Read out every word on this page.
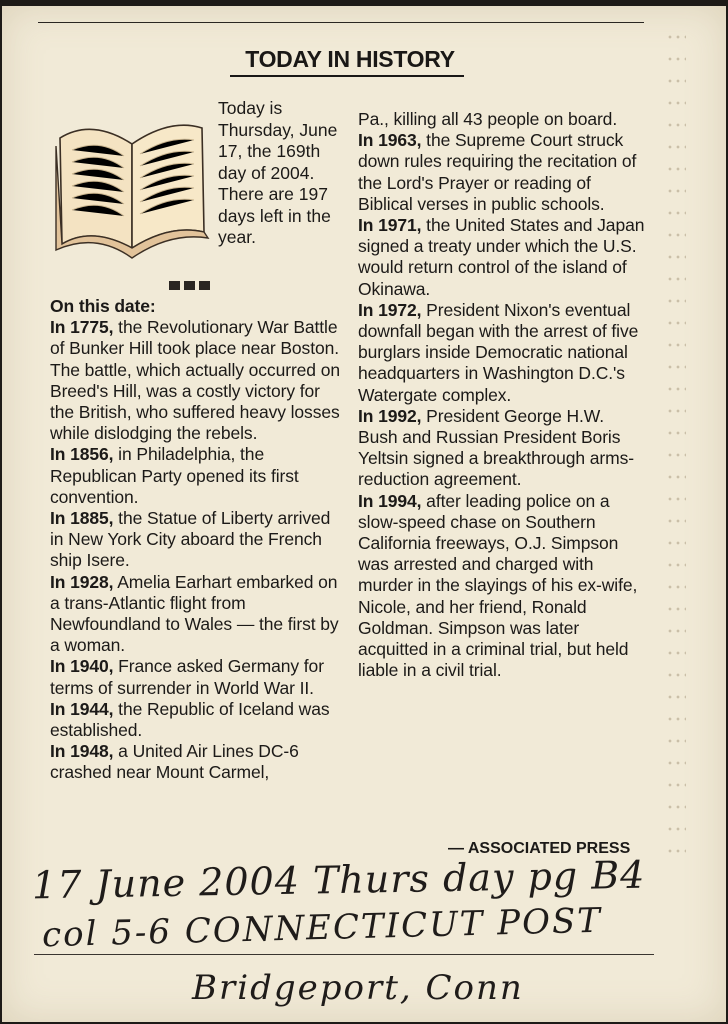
TODAY IN HISTORY
Today is Thursday, June 17, the 169th day of 2004. There are 197 days left in the year.

On this date:

In 1775, the Revolutionary War Battle of Bunker Hill took place near Boston. The battle, which actually occurred on Breed's Hill, was a costly victory for the British, who suffered heavy losses while dislodging the rebels.

In 1856, in Philadelphia, the Republican Party opened its first convention.

In 1885, the Statue of Liberty arrived in New York City aboard the French ship Isere.

In 1928, Amelia Earhart embarked on a trans-Atlantic flight from Newfoundland to Wales — the first by a woman.

In 1940, France asked Germany for terms of surrender in World War II.

In 1944, the Republic of Iceland was established.

In 1948, a United Air Lines DC-6 crashed near Mount Carmel,

Pa., killing all 43 people on board.

In 1963, the Supreme Court struck down rules requiring the recitation of the Lord's Prayer or reading of Biblical verses in public schools.

In 1971, the United States and Japan signed a treaty under which the U.S. would return control of the island of Okinawa.

In 1972, President Nixon's eventual downfall began with the arrest of five burglars inside Democratic national headquarters in Washington D.C.'s Watergate complex.

In 1992, President George H.W. Bush and Russian President Boris Yeltsin signed a breakthrough arms-reduction agreement.

In 1994, after leading police on a slow-speed chase on Southern California freeways, O.J. Simpson was arrested and charged with murder in the slayings of his ex-wife, Nicole, and her friend, Ronald Goldman. Simpson was later acquitted in a criminal trial, but held liable in a civil trial.

— ASSOCIATED PRESS
17 June 2004 Thurs day pg B4
col 5-6 CONNECTICUT POST
Bridgeport, Conn
